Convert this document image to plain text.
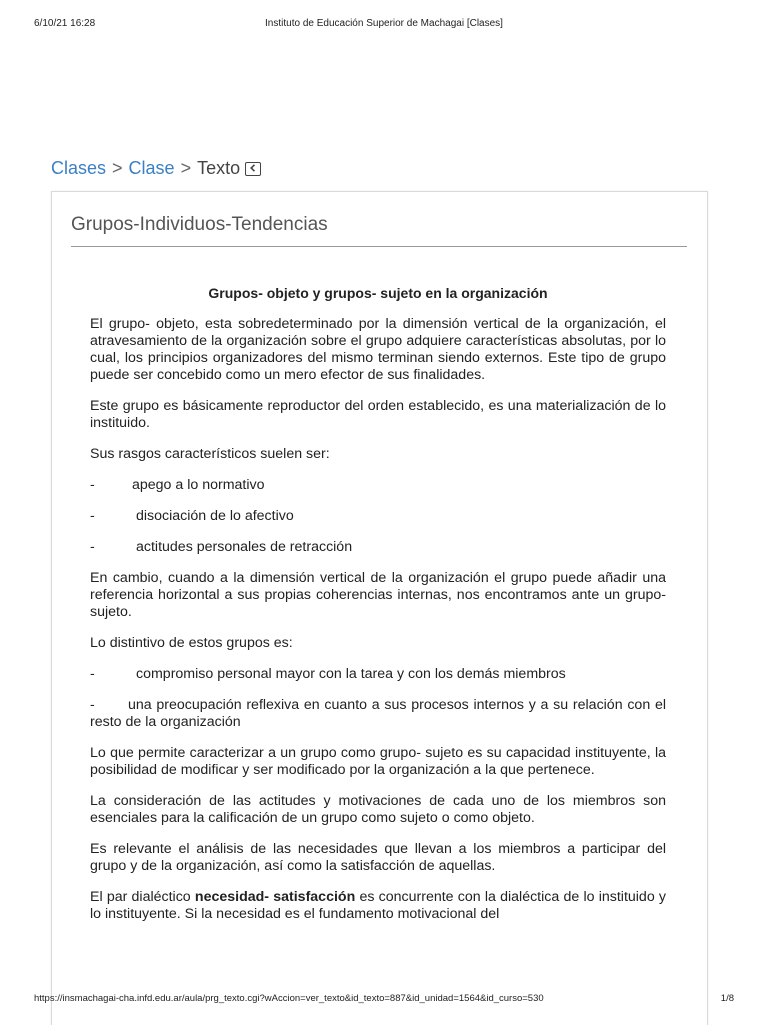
6/10/21 16:28	Instituto de Educación Superior de Machagai [Clases]
Clases > Clase > Texto
Grupos-Individuos-Tendencias
Grupos- objeto y grupos- sujeto en la organización

El grupo- objeto, esta sobredeterminado por la dimensión vertical de la organización, el atravesamiento de la organización sobre el grupo adquiere características absolutas, por lo cual, los principios organizadores del mismo terminan siendo externos. Este tipo de grupo puede ser concebido como un mero efector de sus finalidades.

Este grupo es básicamente reproductor del orden establecido, es una materialización de lo instituido.

Sus rasgos característicos suelen ser:

-	apego a lo normativo
-	disociación de lo afectivo
-	actitudes personales de retracción

En cambio, cuando a la dimensión vertical de la organización el grupo puede añadir una referencia horizontal a sus propias coherencias internas, nos encontramos ante un grupo- sujeto.

Lo distintivo de estos grupos es:

-	compromiso personal mayor con la tarea y con los demás miembros
- una preocupación reflexiva en cuanto a sus procesos internos y a su relación con el resto de la organización

Lo que permite caracterizar a un grupo como grupo- sujeto es su capacidad instituyente, la posibilidad de modificar y ser modificado por la organización a la que pertenece.

La consideración de las actitudes y motivaciones de cada uno de los miembros son esenciales para la calificación de un grupo como sujeto o como objeto.

Es relevante el análisis de las necesidades que llevan a los miembros a participar del grupo y de la organización, así como la satisfacción de aquellas.

El par dialéctico necesidad- satisfacción es concurrente con la dialéctica de lo instituido y lo instituyente. Si la necesidad es el fundamento motivacional del

https://insmachagai-cha.infd.edu.ar/aula/prg_texto.cgi?wAccion=ver_texto&id_texto=887&id_unidad=1564&id_curso=530	1/8
